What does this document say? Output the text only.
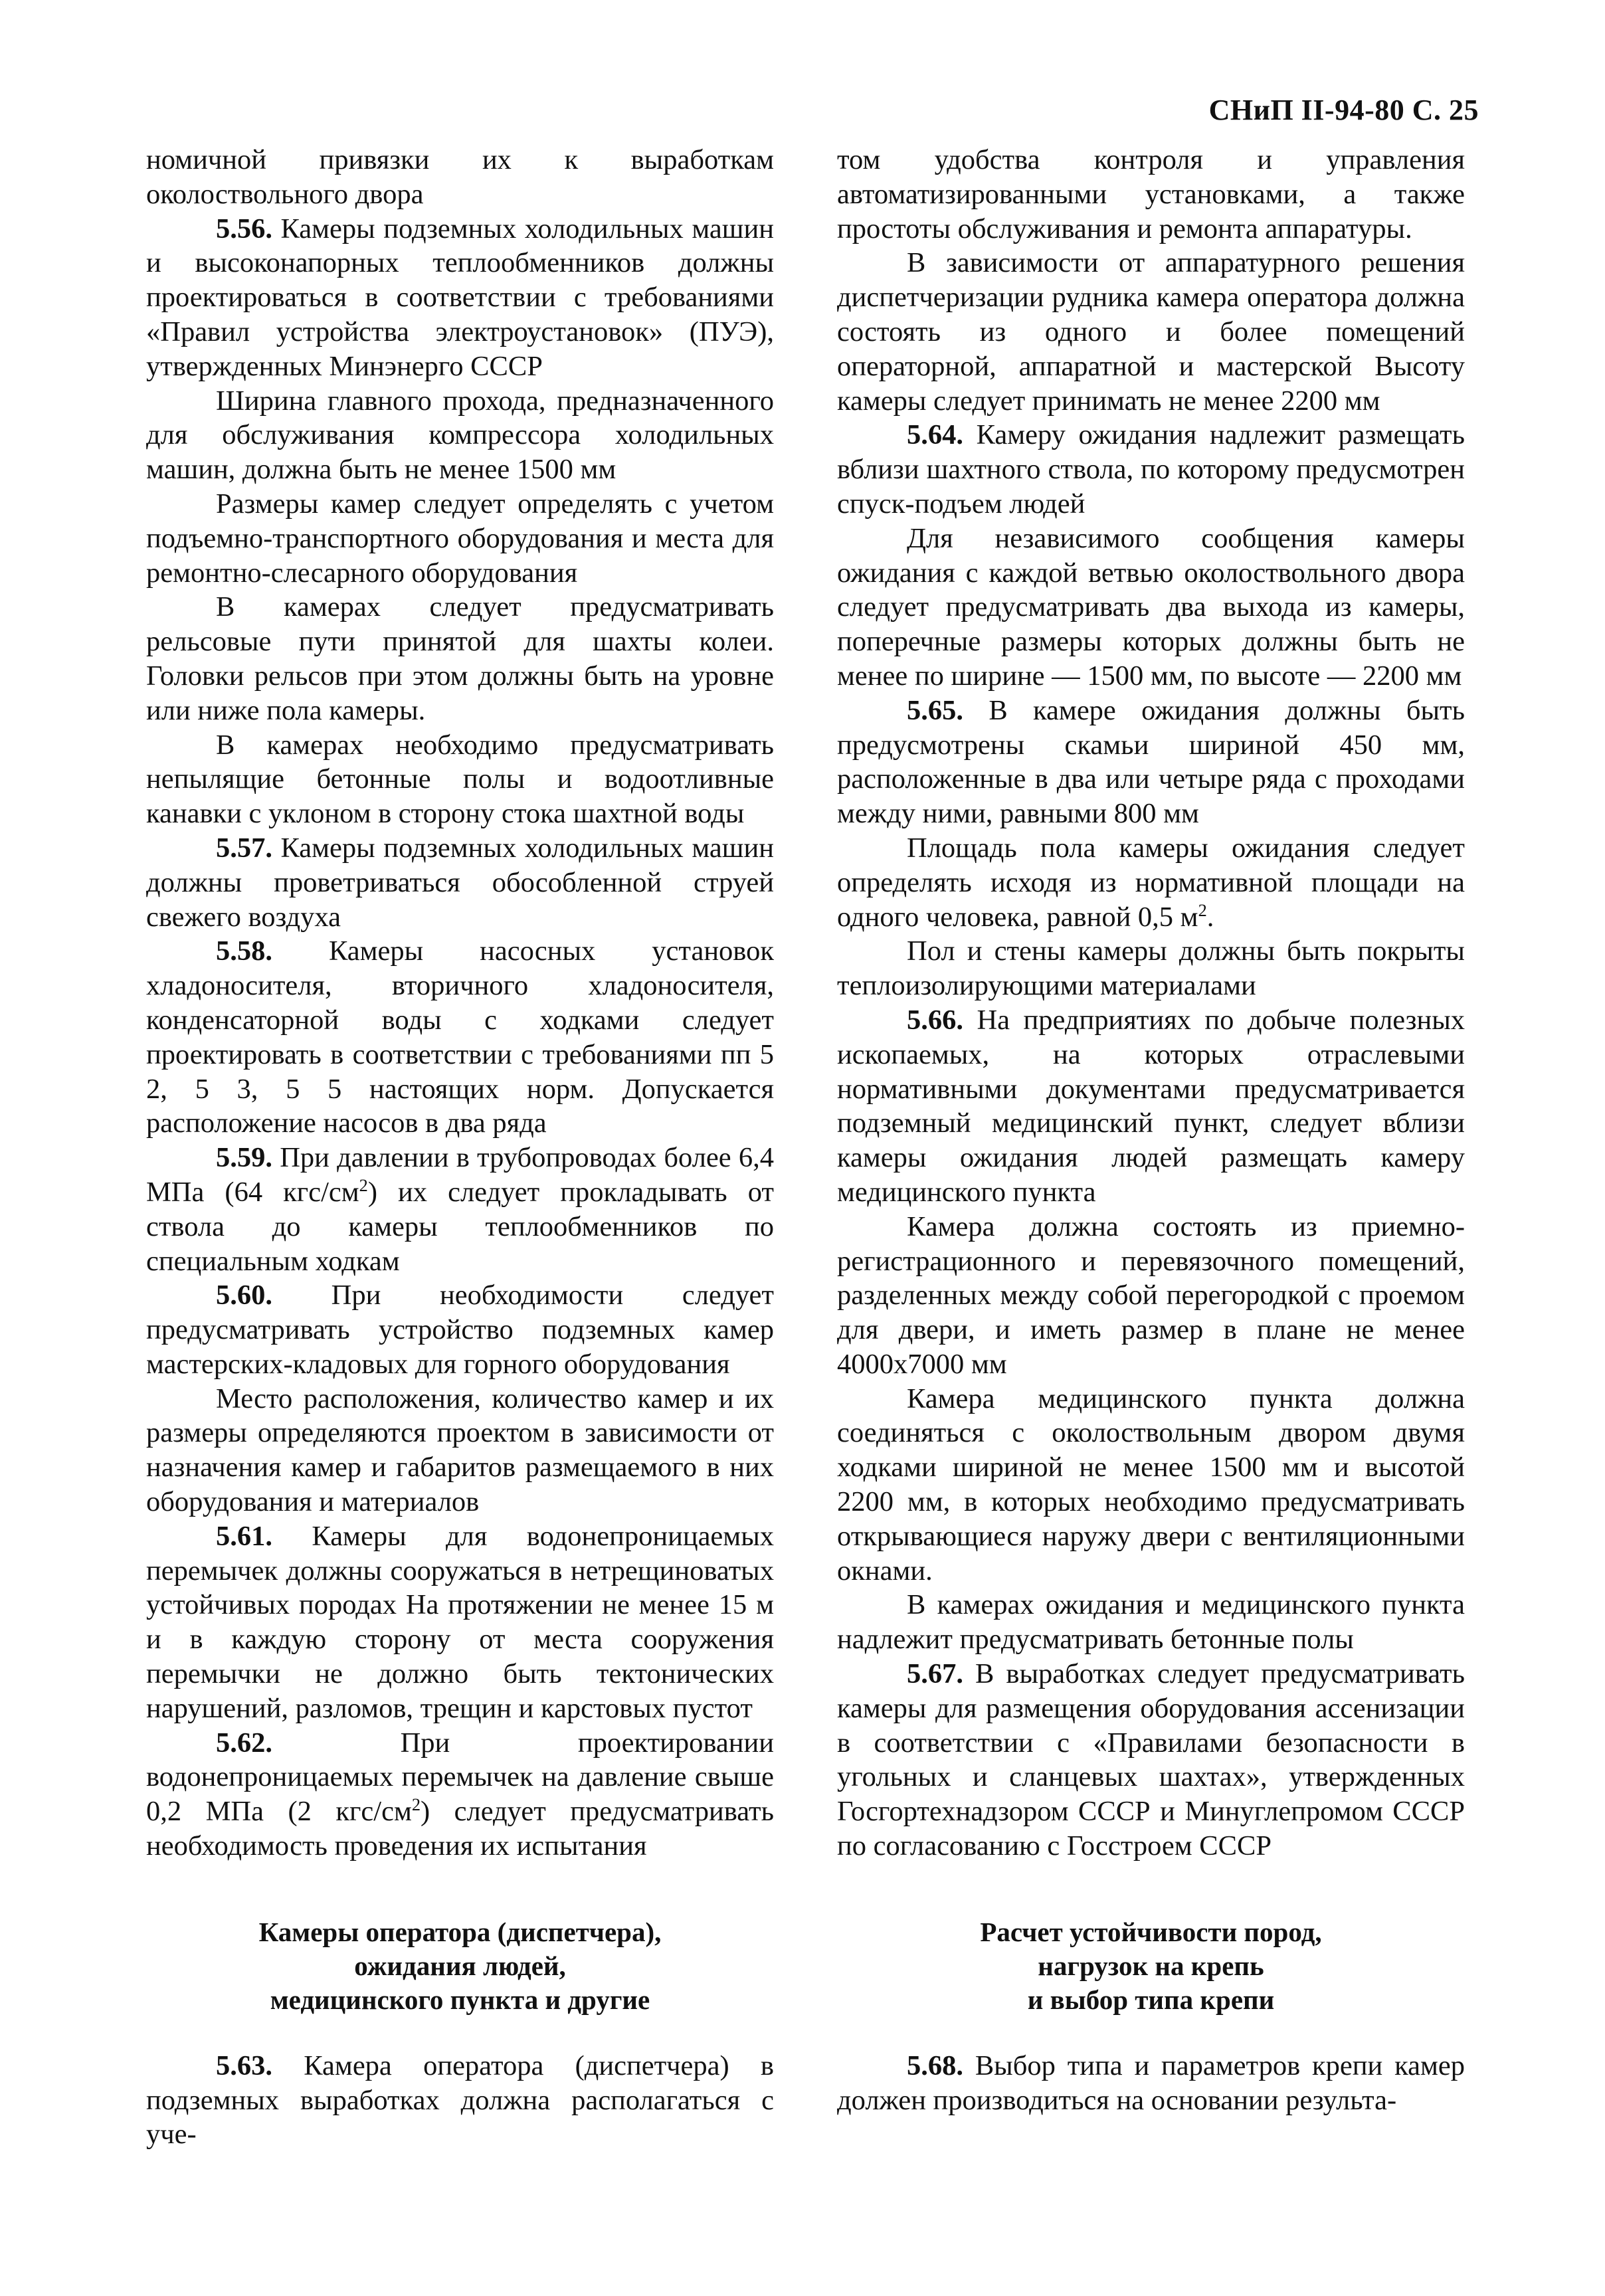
СНиП II-94-80 С. 25

номичной привязки их к выработкам околоствольного двора

5.56. Камеры подземных холодильных машин и высоконапорных теплообменников должны проектироваться в соответствии с требованиями «Правил устройства электроустановок» (ПУЭ), утвержденных Минэнерго СССР

Ширина главного прохода, предназначенного для обслуживания компрессора холодильных машин, должна быть не менее 1500 мм

Размеры камер следует определять с учетом подъемно-транспортного оборудования и места для ремонтно-слесарного оборудования

В камерах следует предусматривать рельсовые пути принятой для шахты колеи. Головки рельсов при этом должны быть на уровне или ниже пола камеры.

В камерах необходимо предусматривать непылящие бетонные полы и водоотливные канавки с уклоном в сторону стока шахтной воды

5.57. Камеры подземных холодильных машин должны проветриваться обособленной струей свежего воздуха

5.58. Камеры насосных установок хладоносителя, вторичного хладоносителя, конденсаторной воды с ходками следует проектировать в соответствии с требованиями пп 5 2, 5 3, 5 5 настоящих норм. Допускается расположение насосов в два ряда

5.59. При давлении в трубопроводах более 6,4 МПа (64 кгс/$см^2$) их следует прокладывать от ствола до камеры теплообменников по специальным ходкам

5.60. При необходимости следует предусматривать устройство подземных камер мастерских-кладовых для горного оборудования

Место расположения, количество камер и их размеры определяются проектом в зависимости от назначения камер и габаритов размещаемого в них оборудования и материалов

5.61. Камеры для водонепроницаемых перемычек должны сооружаться в нетрещиноватых устойчивых породах На протяжении не менее 15 м и в каждую сторону от места сооружения перемычки не должно быть тектонических нарушений, разломов, трещин и карстовых пустот

5.62. При проектировании водонепроницаемых перемычек на давление свыше 0,2 МПа (2 кгс/$см^2$) следует предусматривать необходимость проведения их испытания

Камеры оператора (диспетчера),
ожидания людей,
медицинского пункта и другие

5.63. Камера оператора (диспетчера) в подземных выработках должна располагаться с уче-

том удобства контроля и управления автоматизированными установками, а также простоты обслуживания и ремонта аппаратуры.

В зависимости от аппаратурного решения диспетчеризации рудника камера оператора должна состоять из одного и более помещений операторной, аппаратной и мастерской Высоту камеры следует принимать не менее 2200 мм

5.64. Камеру ожидания надлежит размещать вблизи шахтного ствола, по которому предусмотрен спуск-подъем людей

Для независимого сообщения камеры ожидания с каждой ветвью околоствольного двора следует предусматривать два выхода из камеры, поперечные размеры которых должны быть не менее по ширине — 1500 мм, по высоте — 2200 мм

5.65. В камере ожидания должны быть предусмотрены скамьи шириной 450 мм, расположенные в два или четыре ряда с проходами между ними, равными 800 мм

Площадь пола камеры ожидания следует определять исходя из нормативной площади на одного человека, равной 0,5 $м^2$.

Пол и стены камеры должны быть покрыты теплоизолирующими материалами

5.66. На предприятиях по добыче полезных ископаемых, на которых отраслевыми нормативными документами предусматривается подземный медицинский пункт, следует вблизи камеры ожидания людей размещать камеру медицинского пункта

Камера должна состоять из приемно-регистрационного и перевязочного помещений, разделенных между собой перегородкой с проемом для двери, и иметь размер в плане не менее 4000x7000 мм

Камера медицинского пункта должна соединяться с околоствольным двором двумя ходками шириной не менее 1500 мм и высотой 2200 мм, в которых необходимо предусматривать открывающиеся наружу двери с вентиляционными окнами.

В камерах ожидания и медицинского пункта надлежит предусматривать бетонные полы

5.67. В выработках следует предусматривать камеры для размещения оборудования ассенизации в соответствии с «Правилами безопасности в угольных и сланцевых шахтах», утвержденных Госгортехнадзором СССР и Минуглепромом СССР по согласованию с Госстроем СССР

Расчет устойчивости пород,
нагрузок на крепь
и выбор типа крепи

5.68. Выбор типа и параметров крепи камер должен производиться на основании результа-
